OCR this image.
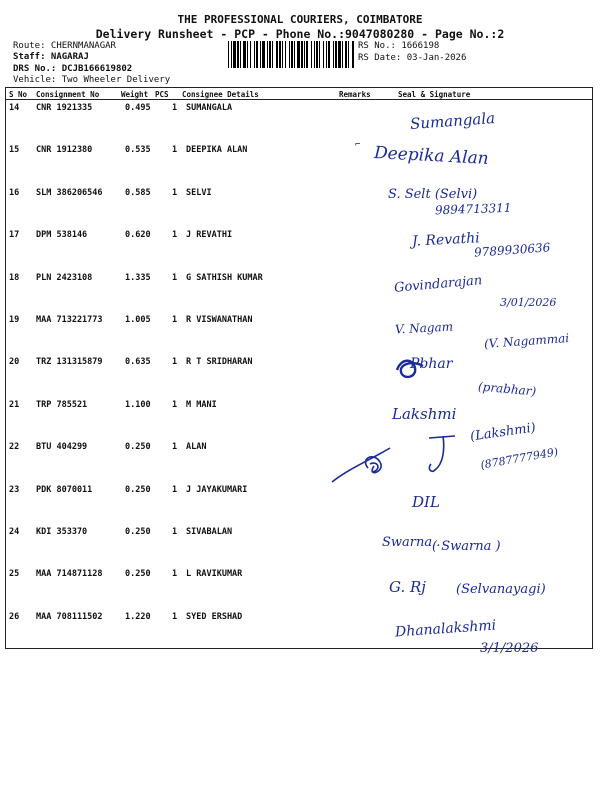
THE PROFESSIONAL COURIERS, COIMBATORE
Delivery Runsheet - PCP - Phone No.:9047080280 - Page No.:2
Route: CHERNMANAGAR
Staff: NAGARAJ
DRS No.: DCJB166619802
Vehicle: Two Wheeler Delivery
RS No.: 1666198
RS Date: 03-Jan-2026
S No Consignment No	Weight PCS Consignee Details	Remarks	Seal & Signature
14 CNR 1921335	0.495	1 SUMANGALA
15 CNR 1912380	0.535	1 DEEPIKA ALAN
16 SLM 386206546	0.585	1 SELVI
17 DPM 538146	0.620	1 J REVATHI
18 PLN 2423108	1.335	1 G SATHISH KUMAR
19 MAA 713221773	1.005	1 R VISWANATHAN
20 TRZ 131315879	0.635	1 R T SRIDHARAN
21 TRP 785521	1.100	1 M MANI
22 BTU 404299	0.250	1 ALAN
23 PDK 8070011	0.250	1 J JAYAKUMARI
24 KDI 353370	0.250	1 SIVABALAN
25 MAA 714871128	0.250	1 L RAVIKUMAR
26 MAA 708111502	1.220	1 SYED ERSHAD
⌐
Sumangala
Deepika Alan
S. Selt (Selvi)
9894713311
J. Revathi
9789930636
Govindarajan
3/01/2026
V. Nagam
(V. Nagammai
Pbhar
(prabhar)
Lakshmi
(Lakshmi)
(8787777949)
DIL
Swarna .
( Swarna )
G. Rj (Selvanayagi)
Dhanalakshmi
3/1/2026
